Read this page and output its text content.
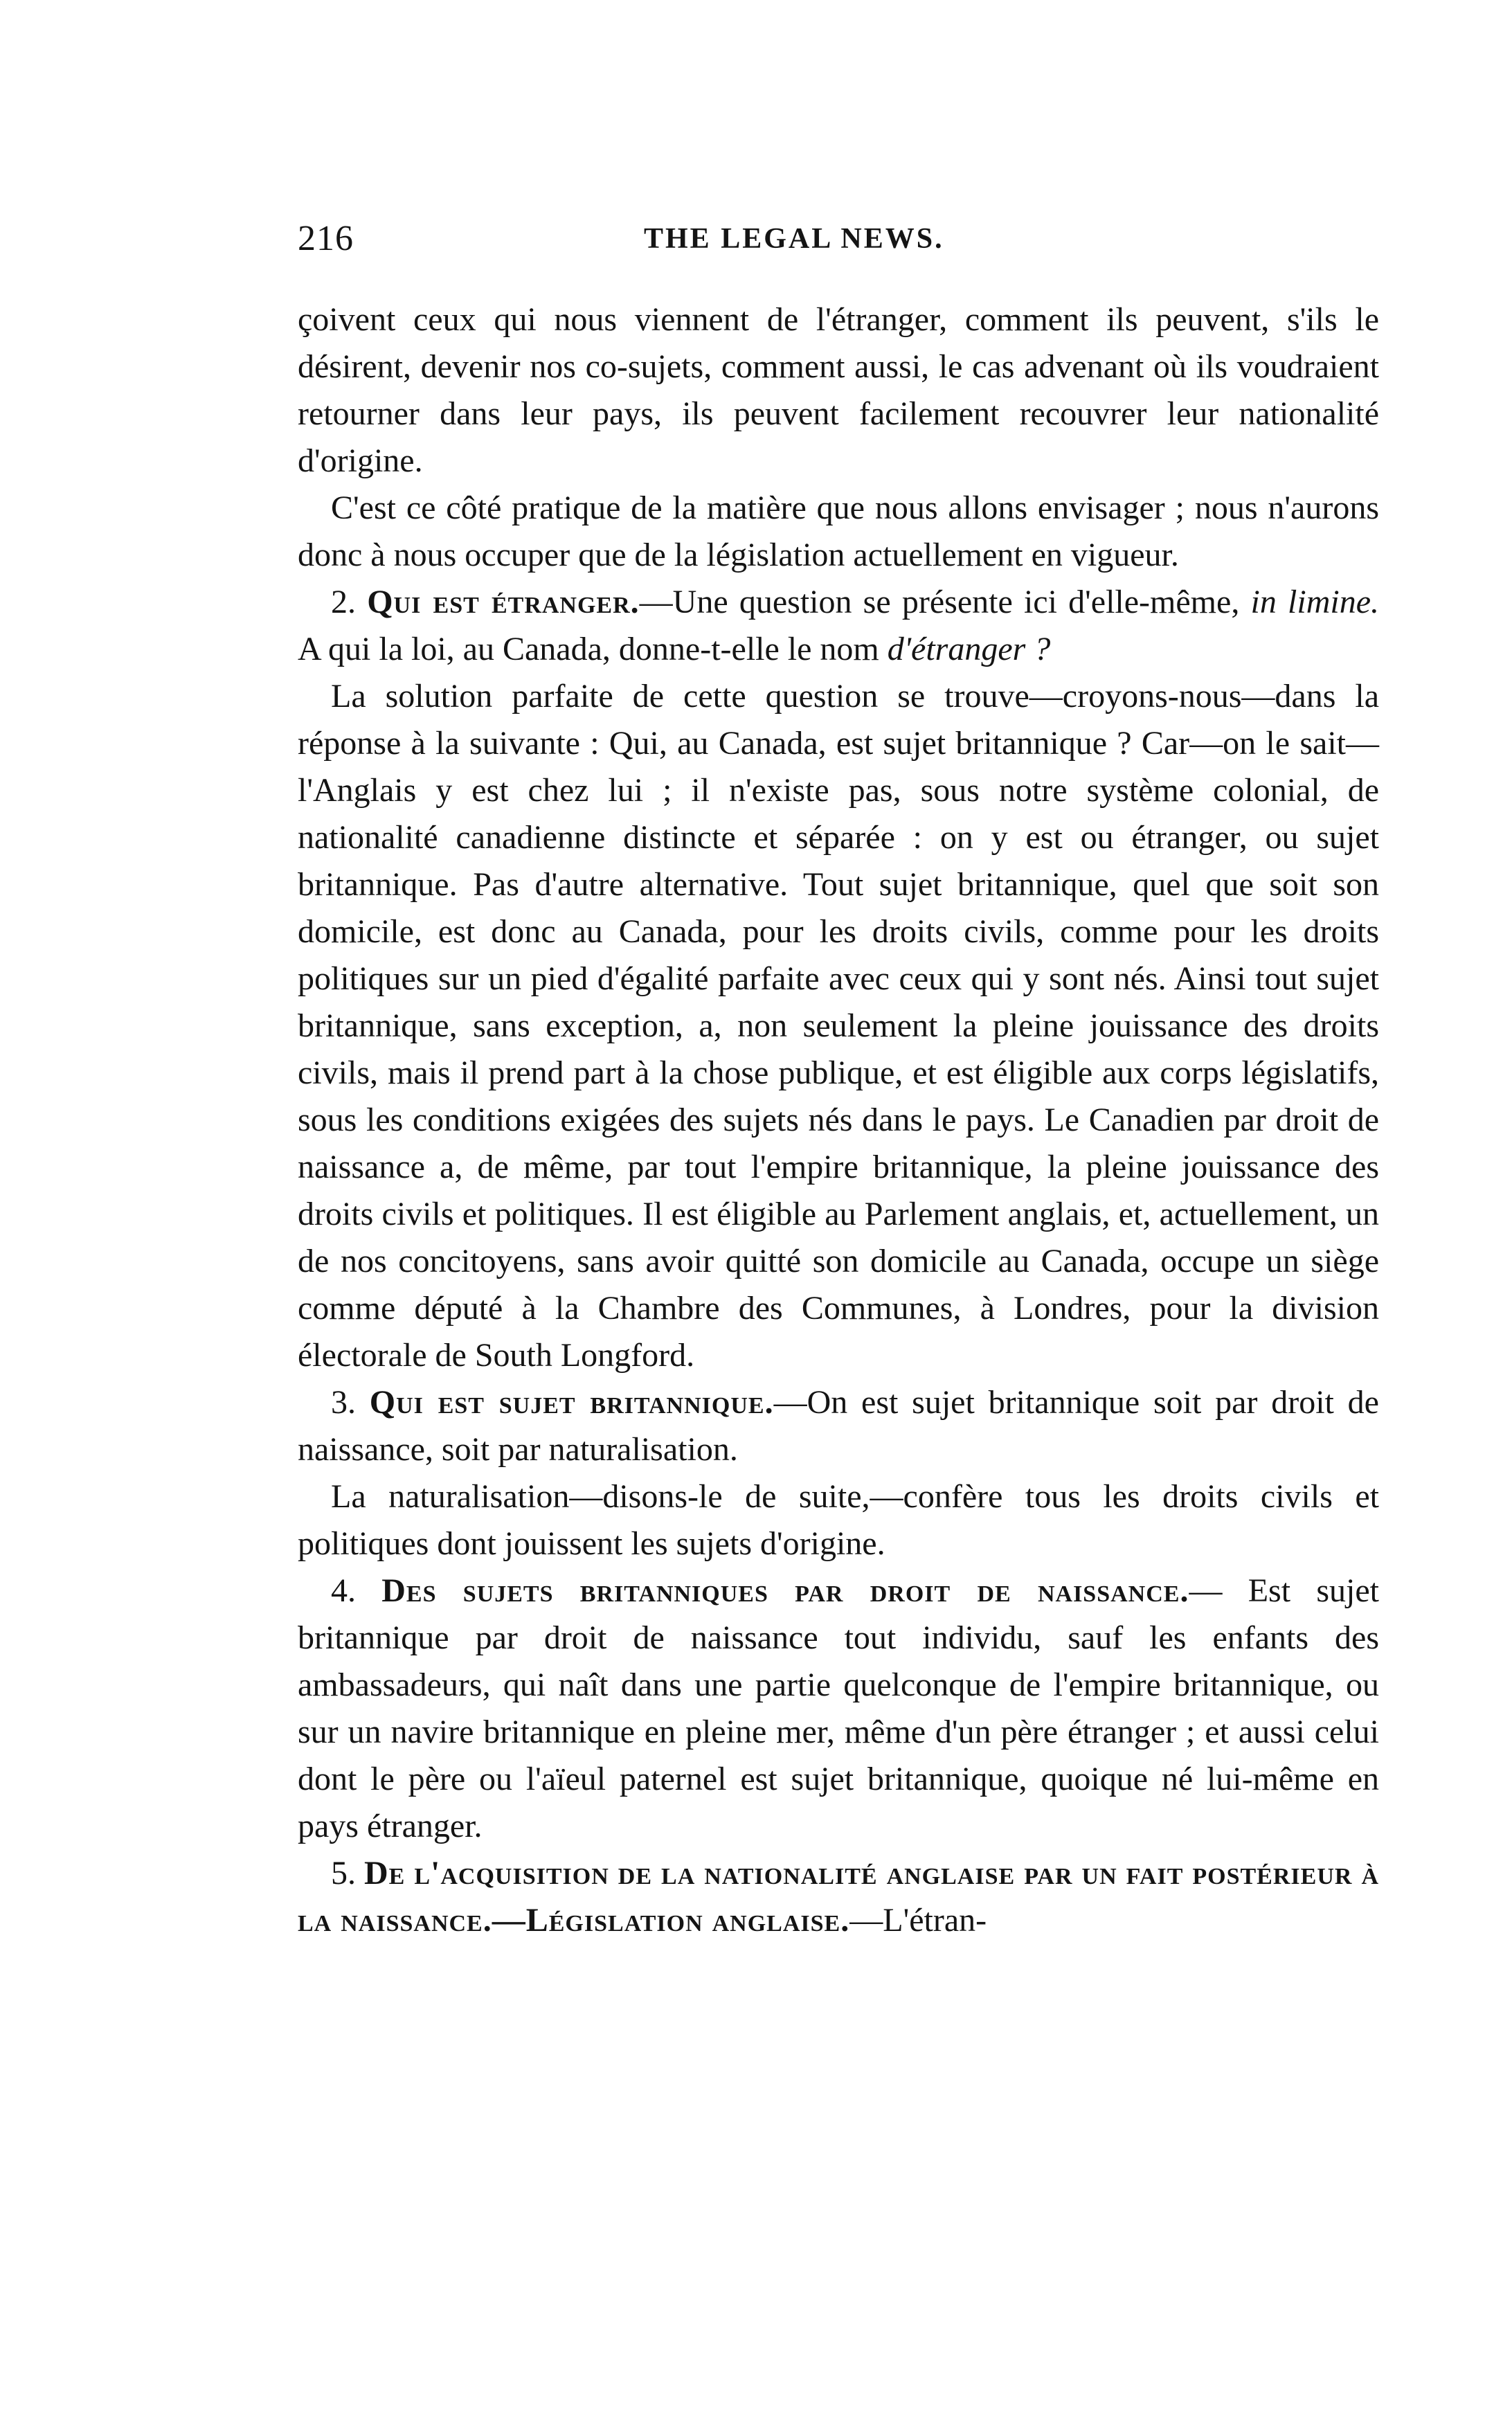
216	THE LEGAL NEWS.

çoivent ceux qui nous viennent de l'étranger, comment ils peuvent, s'ils le désirent, devenir nos co-sujets, comment aussi, le cas advenant où ils voudraient retourner dans leur pays, ils peuvent facilement recouvrer leur nationalité d'origine.

C'est ce côté pratique de la matière que nous allons envisager ; nous n'aurons donc à nous occuper que de la législation actuellement en vigueur.

2. Qui est étranger.—Une question se présente ici d'elle-même, in limine. A qui la loi, au Canada, donne-t-elle le nom d'étranger ?

La solution parfaite de cette question se trouve—croyons-nous—dans la réponse à la suivante : Qui, au Canada, est sujet britannique ? Car—on le sait—l'Anglais y est chez lui ; il n'existe pas, sous notre système colonial, de nationalité canadienne distincte et séparée : on y est ou étranger, ou sujet britannique. Pas d'autre alternative. Tout sujet britannique, quel que soit son domicile, est donc au Canada, pour les droits civils, comme pour les droits politiques sur un pied d'égalité parfaite avec ceux qui y sont nés. Ainsi tout sujet britannique, sans exception, a, non seulement la pleine jouissance des droits civils, mais il prend part à la chose publique, et est éligible aux corps législatifs, sous les conditions exigées des sujets nés dans le pays. Le Canadien par droit de naissance a, de même, par tout l'empire britannique, la pleine jouissance des droits civils et politiques. Il est éligible au Parlement anglais, et, actuellement, un de nos concitoyens, sans avoir quitté son domicile au Canada, occupe un siège comme député à la Chambre des Communes, à Londres, pour la division électorale de South Longford.

3. Qui est sujet britannique.—On est sujet britannique soit par droit de naissance, soit par naturalisation.

La naturalisation—disons-le de suite,—confère tous les droits civils et politiques dont jouissent les sujets d'origine.

4. Des sujets britanniques par droit de naissance.— Est sujet britannique par droit de naissance tout individu, sauf les enfants des ambassadeurs, qui naît dans une partie quelconque de l'empire britannique, ou sur un navire britannique en pleine mer, même d'un père étranger ; et aussi celui dont le père ou l'aïeul paternel est sujet britannique, quoique né lui-même en pays étranger.

5. De l'acquisition de la nationalité anglaise par un fait postérieur à la naissance.—Législation anglaise.—L'étran-
